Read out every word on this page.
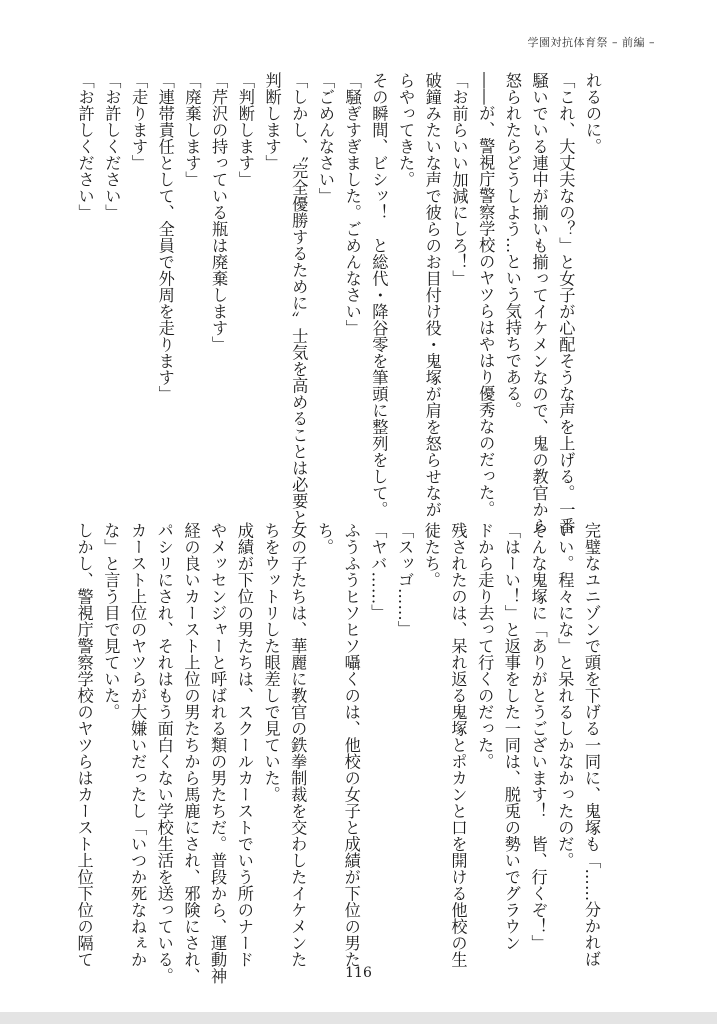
学園対抗体育祭 – 前編 –
れるのに。
「これ、大丈夫なの？」と女子が心配そうな声を上げる。一番
騒いでいる連中が揃いも揃ってイケメンなので、鬼の教官から
怒られたらどうしよう…という気持ちである。
――が、警視庁警察学校のヤツらはやはり優秀なのだった。
「お前らいい加減にしろ！」
破鐘みたいな声で彼らのお目付け役・鬼塚が肩を怒らせなが
らやってきた。
その瞬間、ビシッ！　と総代・降谷零を筆頭に整列をして。
「騒ぎすぎました。ごめんなさい」
「ごめんなさい」
「しかし、〝完全優勝するために〟士気を高めることは必要と
判断します」
「判断します」
「芹沢の持っている瓶は廃棄します」
「廃棄します」
「連帯責任として、全員で外周を走ります」
「走ります」
「お許しください」
「お許しください」
完璧なユニゾンで頭を下げる一同に、鬼塚も「……分かれば
いい。程々にな」と呆れるしかなかったのだ。
そんな鬼塚に「ありがとうございます！　皆、行くぞ！」
「はーい！」と返事をした一同は、脱兎の勢いでグラウン
ドから走り去って行くのだった。
残されたのは、呆れ返る鬼塚とポカンと口を開ける他校の生
徒たち。
「スッゴ……」
「ヤバ……」
ふうふうヒソヒソ囁くのは、他校の女子と成績が下位の男た
ち。
女の子たちは、華麗に教官の鉄拳制裁を交わしたイケメンた
ちをウットリした眼差しで見ていた。
成績が下位の男たちは、スクールカーストでいう所のナード
やメッセンジャーと呼ばれる類の男たちだ。普段から、運動神
経の良いカースト上位の男たちから馬鹿にされ、邪険にされ、
パシリにされ、それはもう面白くない学校生活を送っている。
カースト上位のヤツらが大嫌いだったし「いつか死なねぇか
な」と言う目で見ていた。
しかし、警視庁警察学校のヤツらはカースト上位下位の隔て
116
